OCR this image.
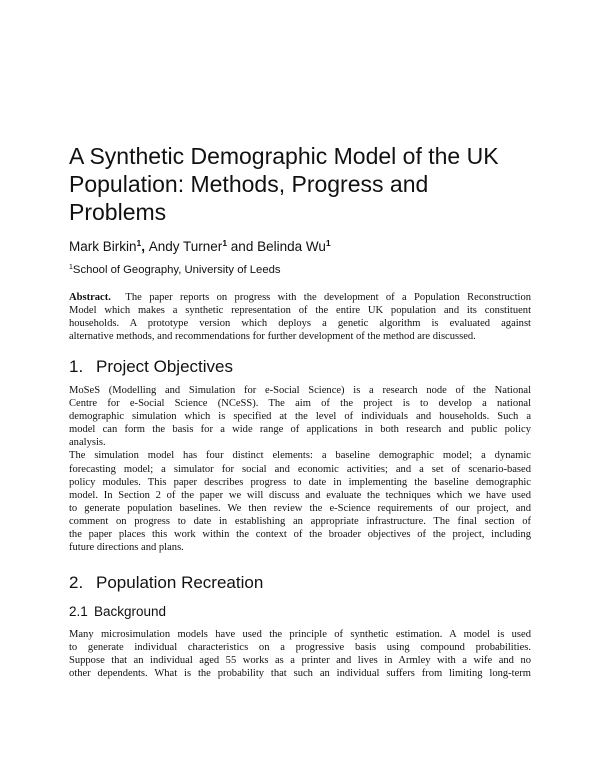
A Synthetic Demographic Model of the UK
Population: Methods, Progress and
Problems
Mark Birkin$^1$, Andy Turner$^1$ and Belinda Wu$^1$
$^1$School of Geography, University of Leeds
Abstract.  The paper reports on progress with the development of a Population Reconstruction
Model which makes a synthetic representation of the entire UK population and its constituent
households. A prototype version which deploys a genetic algorithm is evaluated against
alternative methods, and recommendations for further development of the method are discussed.
1. Project Objectives
MoSeS (Modelling and Simulation for e-Social Science) is a research node of the National
Centre for e-Social Science (NCeSS). The aim of the project is to develop a national
demographic simulation which is specified at the level of individuals and households. Such a
model can form the basis for a wide range of applications in both research and public policy
analysis.
The simulation model has four distinct elements: a baseline demographic model; a dynamic
forecasting model; a simulator for social and economic activities; and a set of scenario-based
policy modules. This paper describes progress to date in implementing the baseline demographic
model. In Section 2 of the paper we will discuss and evaluate the techniques which we have used
to generate population baselines. We then review the e-Science requirements of our project, and
comment on progress to date in establishing an appropriate infrastructure. The final section of
the paper places this work within the context of the broader objectives of the project, including
future directions and plans.
2. Population Recreation
2.1 Background
Many microsimulation models have used the principle of synthetic estimation. A model is used
to generate individual characteristics on a progressive basis using compound probabilities.
Suppose that an individual aged 55 works as a printer and lives in Armley with a wife and no
other dependents. What is the probability that such an individual suffers from limiting long-term
